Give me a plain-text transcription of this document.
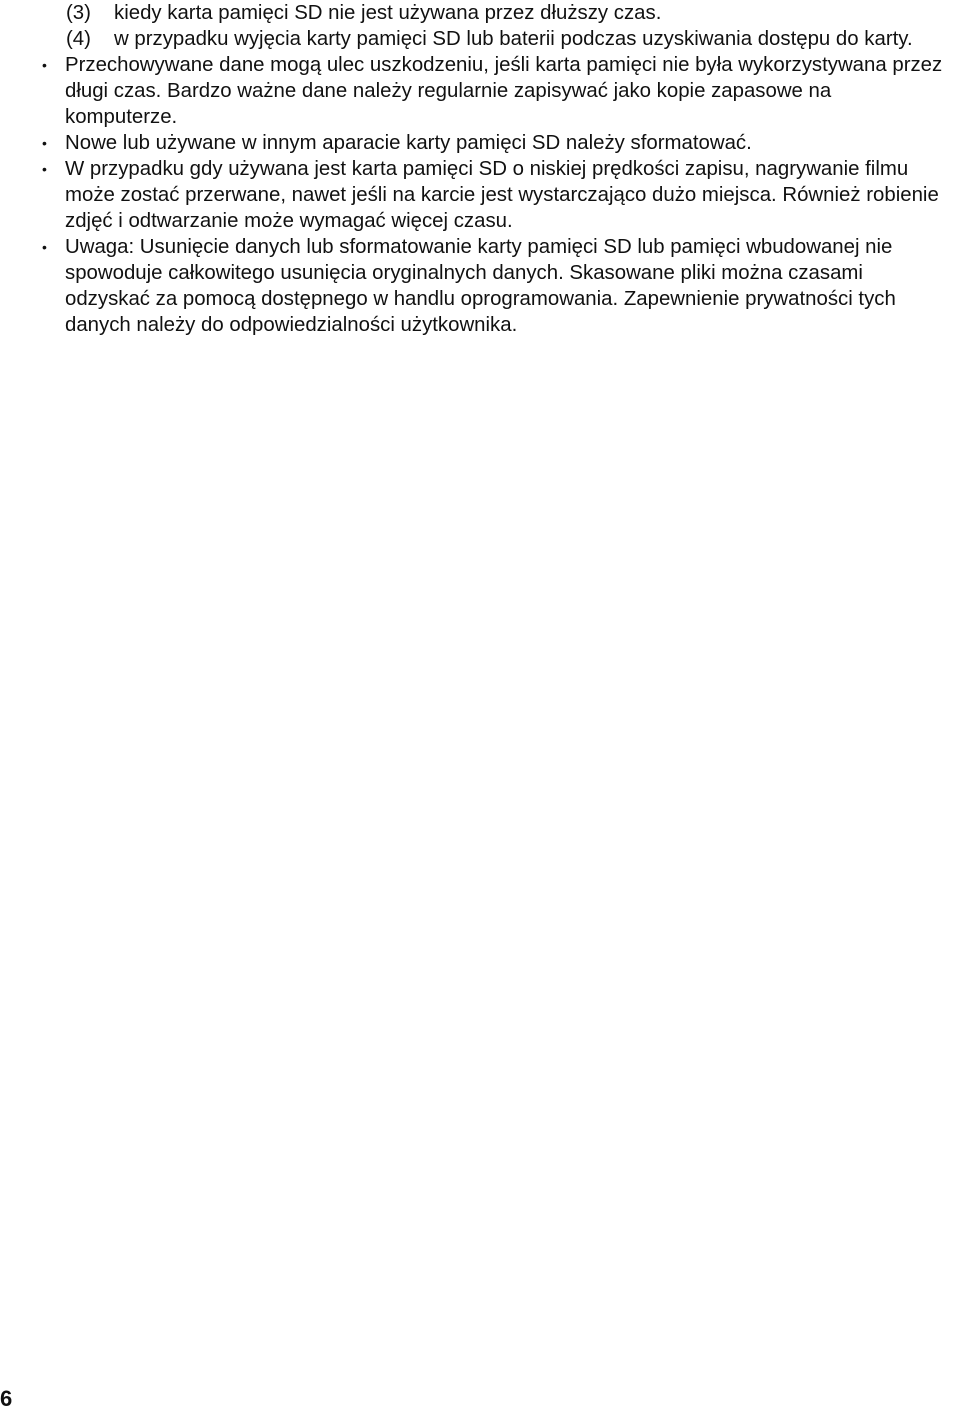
(3) kiedy karta pamięci SD nie jest używana przez dłuższy czas.
(4) w przypadku wyjęcia karty pamięci SD lub baterii podczas uzyskiwania dostępu do karty.
• Przechowywane dane mogą ulec uszkodzeniu, jeśli karta pamięci nie była wykorzystywana przez długi czas. Bardzo ważne dane należy regularnie zapisywać jako kopie zapasowe na komputerze.
• Nowe lub używane w innym aparacie karty pamięci SD należy sformatować.
• W przypadku gdy używana jest karta pamięci SD o niskiej prędkości zapisu, nagrywanie filmu może zostać przerwane, nawet jeśli na karcie jest wystarczająco dużo miejsca. Również robienie zdjęć i odtwarzanie może wymagać więcej czasu.
• Uwaga: Usunięcie danych lub sformatowanie karty pamięci SD lub pamięci wbudowanej nie spowoduje całkowitego usunięcia oryginalnych danych. Skasowane pliki można czasami odzyskać za pomocą dostępnego w handlu oprogramowania. Zapewnienie prywatności tych danych należy do odpowiedzialności użytkownika.
6
